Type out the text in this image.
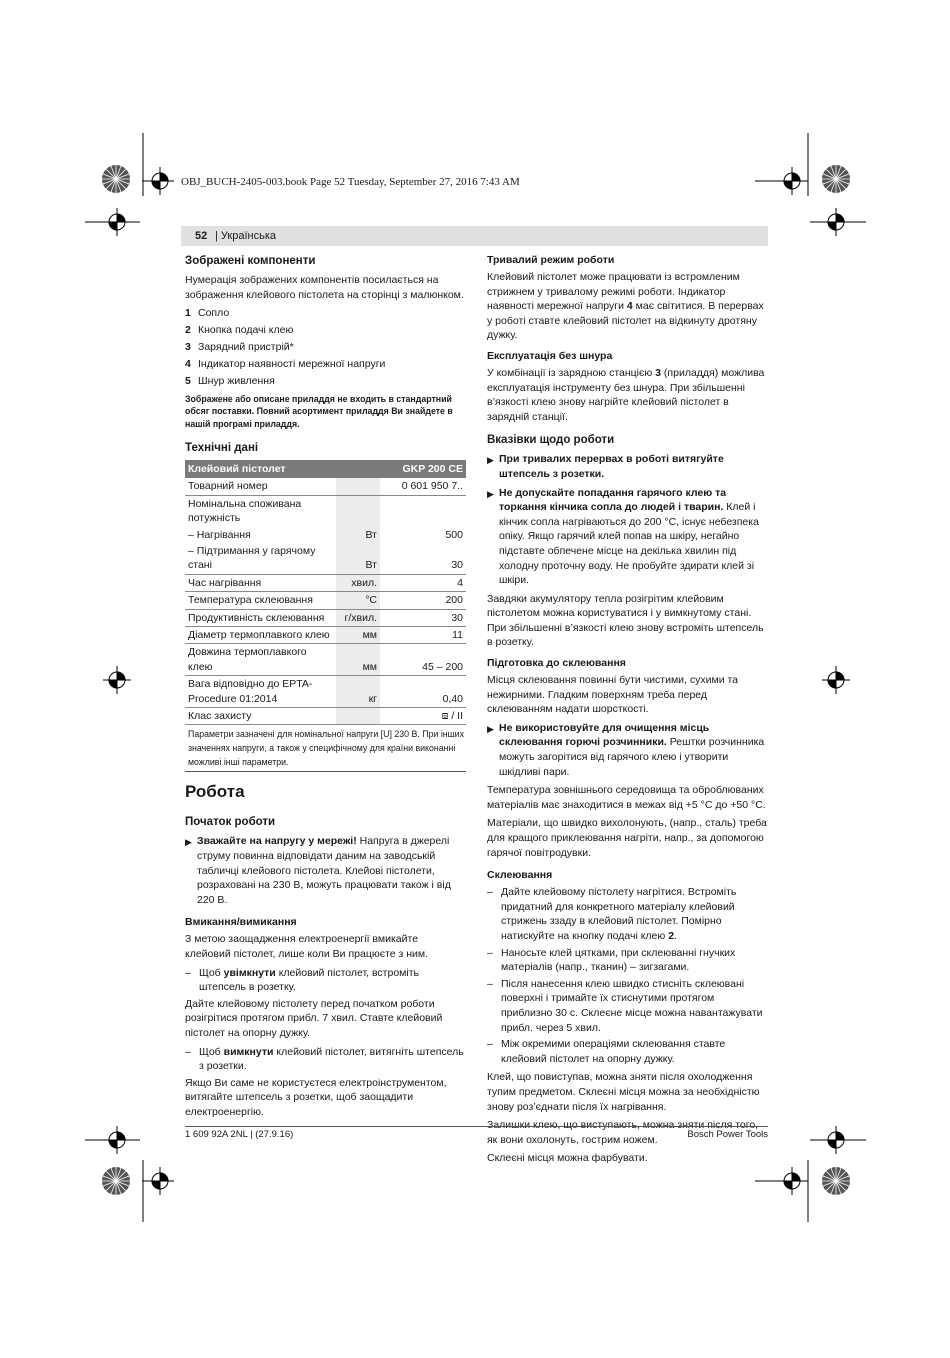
OBJ_BUCH-2405-003.book Page 52 Tuesday, September 27, 2016 7:43 AM
52 | Українська
Зображені компоненти

Нумерація зображених компонентів посилається на зображення клейового пістолета на сторінці з малюнком.

1 Сопло
2 Кнопка подачі клею
3 Зарядний пристрій*
4 Індикатор наявності мережної напруги
5 Шнур живлення
Зображене або описане приладдя не входить в стандартний обсяг поставки. Повний асортимент приладдя Ви знайдете в нашій програмі приладдя.
Технічні дані
Клейовий пістолет		GKP 200 CE
Товарний номер		0 601 950 7..
Номінальна споживана потужність		
– Нагрівання	Вт	500
– Підтримання у гарячому стані	Вт	30
Час нагрівання	хвил.	4
Температура склеювання	°C	200
Продуктивність склеювання	г/хвил.	30
Діаметр термоплавкого клею	мм	11
Довжина термоплавкого клею	мм	45 – 200
Вага відповідно до EPTA-Procedure 01:2014	кг	0,40
Клас захисту		⧈ / II
Параметри зазначені для номінальної напруги [U] 230 В. При інших значеннях напруги, а також у специфічному для країни виконанні можливі інші параметри.
Робота
Початок роботи
▶ Зважайте на напругу у мережі! Напруга в джерелі струму повинна відповідати даним на заводській табличці клейового пістолета. Клейові пістолети, розраховані на 230 В, можуть працювати також і від 220 В.
Вмикання/вимикання

З метою заощадження електроенергії вмикайте клейовий пістолет, лише коли Ви працюєте з ним.

– Щоб увімкнути клейовий пістолет, встроміть штепсель в розетку.

Дайте клейовому пістолету перед початком роботи розігрітися протягом прибл. 7 хвил. Ставте клейовий пістолет на опорну дужку.

– Щоб вимкнути клейовий пістолет, витягніть штепсель з розетки.

Якщо Ви саме не користуєтеся електроінструментом, витягайте штепсель з розетки, щоб заощадити електроенергію.

Тривалий режим роботи

Клейовий пістолет може працювати із встромленим стрижнем у тривалому режимі роботи. Індикатор наявності мережної напруги 4 має світитися. В перервах у роботі ставте клейовий пістолет на відкинуту дротяну дужку.

Експлуатація без шнура

У комбінації із зарядною станцією 3 (приладдя) можлива експлуатація інструменту без шнура. При збільшенні в’язкості клею знову нагрійте клейовий пістолет в зарядній станції.

Вказівки щодо роботи
▶ При тривалих перервах в роботі витягуйте штепсель з розетки.
▶ Не допускайте попадання гарячого клею та торкання кінчика сопла до людей і тварин. Клей і кінчик сопла нагріваються до 200 °C, існує небезпека опіку. Якщо гарячий клей попав на шкіру, негайно підставте обпечене місце на декілька хвилин під холодну проточну воду. Не пробуйте здирати клей зі шкіри.

Завдяки акумулятору тепла розігрітим клейовим пістолетом можна користуватися і у вимкнутому стані. При збільшенні в’язкості клею знову встроміть штепсель в розетку.

Підготовка до склеювання

Місця склеювання повинні бути чистими, сухими та нежирними. Гладким поверхням треба перед склеюванням надати шорсткості.

▶ Не використовуйте для очищення місць склеювання горючі розчинники. Рештки розчинника можуть загорітися від гарячого клею і утворити шкідливі пари.

Температура зовнішнього середовища та оброблюваних матеріалів має знаходитися в межах від +5 °C до +50 °C.

Матеріали, що швидко вихолонують, (напр., сталь) треба для кращого приклеювання нагріти, напр., за допомогою гарячої повітродувки.

Склеювання
– Дайте клейовому пістолету нагрітися. Встроміть придатний для конкретного матеріалу клейовий стрижень ззаду в клейовий пістолет. Помірно натискуйте на кнопку подачі клею 2.
– Наносьте клей цятками, при склеюванні гнучких матеріалів (напр., тканин) – зигзагами.
– Після нанесення клею швидко стисніть склеювані поверхні і тримайте їх стиснутими протягом приблизно 30 с. Склеєне місце можна навантажувати прибл. через 5 хвил.
– Між окремими операціями склеювання ставте клейовий пістолет на опорну дужку.

Клей, що повиступав, можна зняти після охолодження тупим предметом. Склеєні місця можна за необхідністю знову роз’єднати після їх нагрівання.

Залишки клею, що виступають, можна зняти після того, як вони охолонуть, гострим ножем.

Склеєні місця можна фарбувати.

1 609 92A 2NL | (27.9.16)	Bosch Power Tools
